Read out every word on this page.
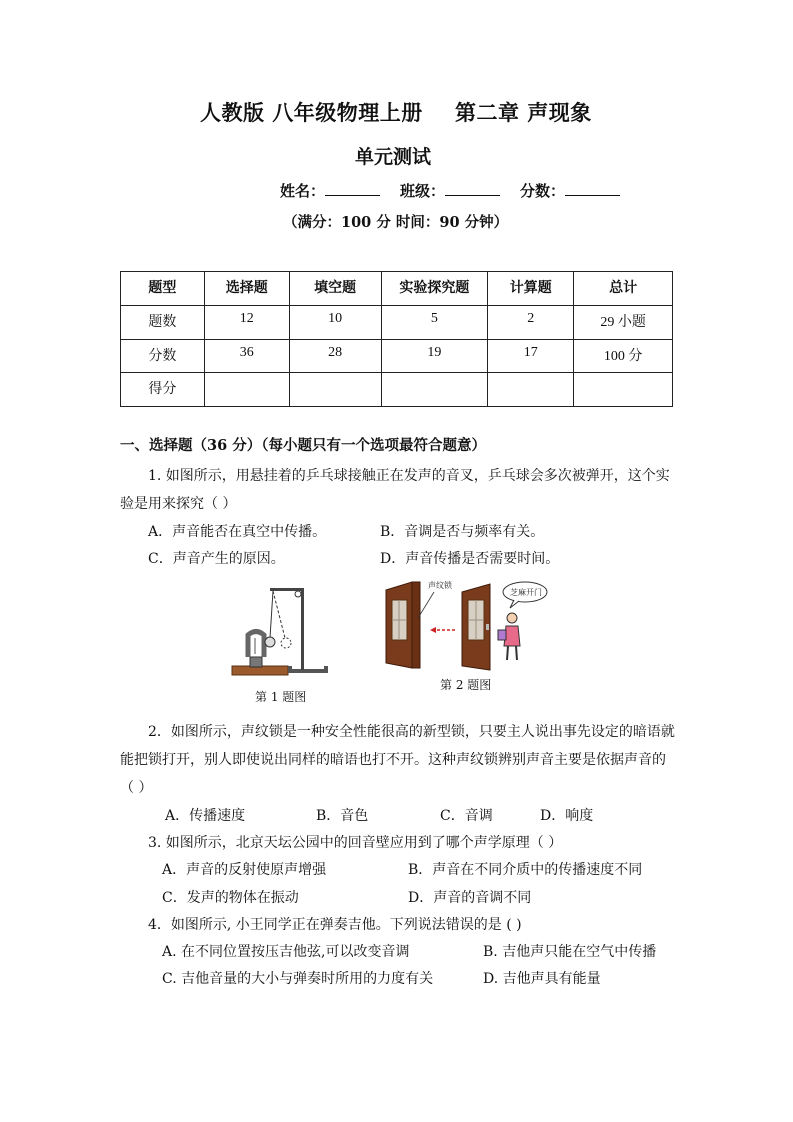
人教版 八年级物理上册 第二章 声现象
单元测试
姓名：	班级：	分数：
（满分：100 分 时间：90 分钟）
题型	选择题	填空题	实验探究题	计算题	总计
题数	12	10	5	2	29 小题
分数	36	28	19	17	100 分
得分					
一、选择题（36 分）（每小题只有一个选项最符合题意）
1. 如图所示，用悬挂着的乒乓球接触正在发声的音叉，乒乓球会多次被弹开，这个实
验是用来探究（ ）
A．声音能否在真空中传播。	B．音调是否与频率有关。
C．声音产生的原因。	D．声音传播是否需要时间。
第 1 题图
声纹锁
芝麻开门
第 2 题图
2．如图所示，声纹锁是一种安全性能很高的新型锁，只要主人说出事先设定的暗语就
能把锁打开，别人即使说出同样的暗语也打不开。这种声纹锁辨别声音主要是依据声音的
（ ）
A．传播速度	B．音色	C．音调	D．响度
3. 如图所示，北京天坛公园中的回音壁应用到了哪个声学原理（ ）
A．声音的反射使原声增强	B．声音在不同介质中的传播速度不同
C．发声的物体在振动	D．声音的音调不同
4．如图所示, 小王同学正在弹奏吉他。下列说法错误的是 ( )
A. 在不同位置按压吉他弦,可以改变音调	B. 吉他声只能在空气中传播
C. 吉他音量的大小与弹奏时所用的力度有关	D. 吉他声具有能量
